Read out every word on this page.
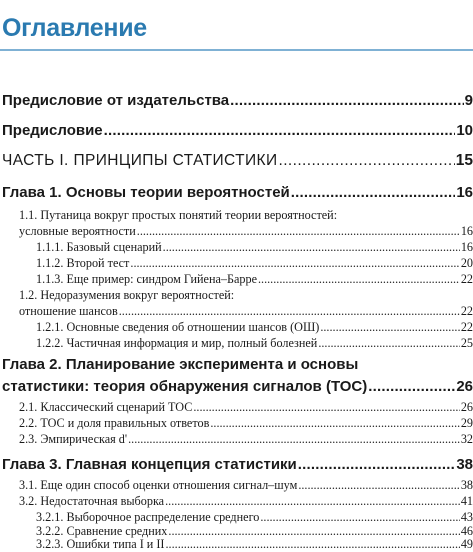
Оглавление
Предисловие от издательства .....	9
Предисловие .....	10
ЧАСТЬ I. ПРИНЦИПЫ СТАТИСТИКИ .....	15
Глава 1. Основы теории вероятностей .....	16
1.1. Путаница вокруг простых понятий теории вероятностей:
условные вероятности .....	16
1.1.1. Базовый сценарий .....	16
1.1.2. Второй тест .....	20
1.1.3. Еще пример: синдром Гийена–Барре .....	22
1.2. Недоразумения вокруг вероятностей:
отношение шансов .....	22
1.2.1. Основные сведения об отношении шансов (ОШ) .....	22
1.2.2. Частичная информация и мир, полный болезней .....	25
Глава 2. Планирование эксперимента и основы
статистики: теория обнаружения сигналов (ТОС) .....	26
2.1. Классический сценарий ТОС .....	26
2.2. ТОС и доля правильных ответов .....	29
2.3. Эмпирическая d' .....	32
Глава 3. Главная концепция статистики .....	38
3.1. Еще один способ оценки отношения сигнал–шум .....	38
3.2. Недостаточная выборка .....	41
3.2.1. Выборочное распределение среднего .....	43
3.2.2. Сравнение средних .....	46
3.2.3. Ошибки типа I и II .....	49
